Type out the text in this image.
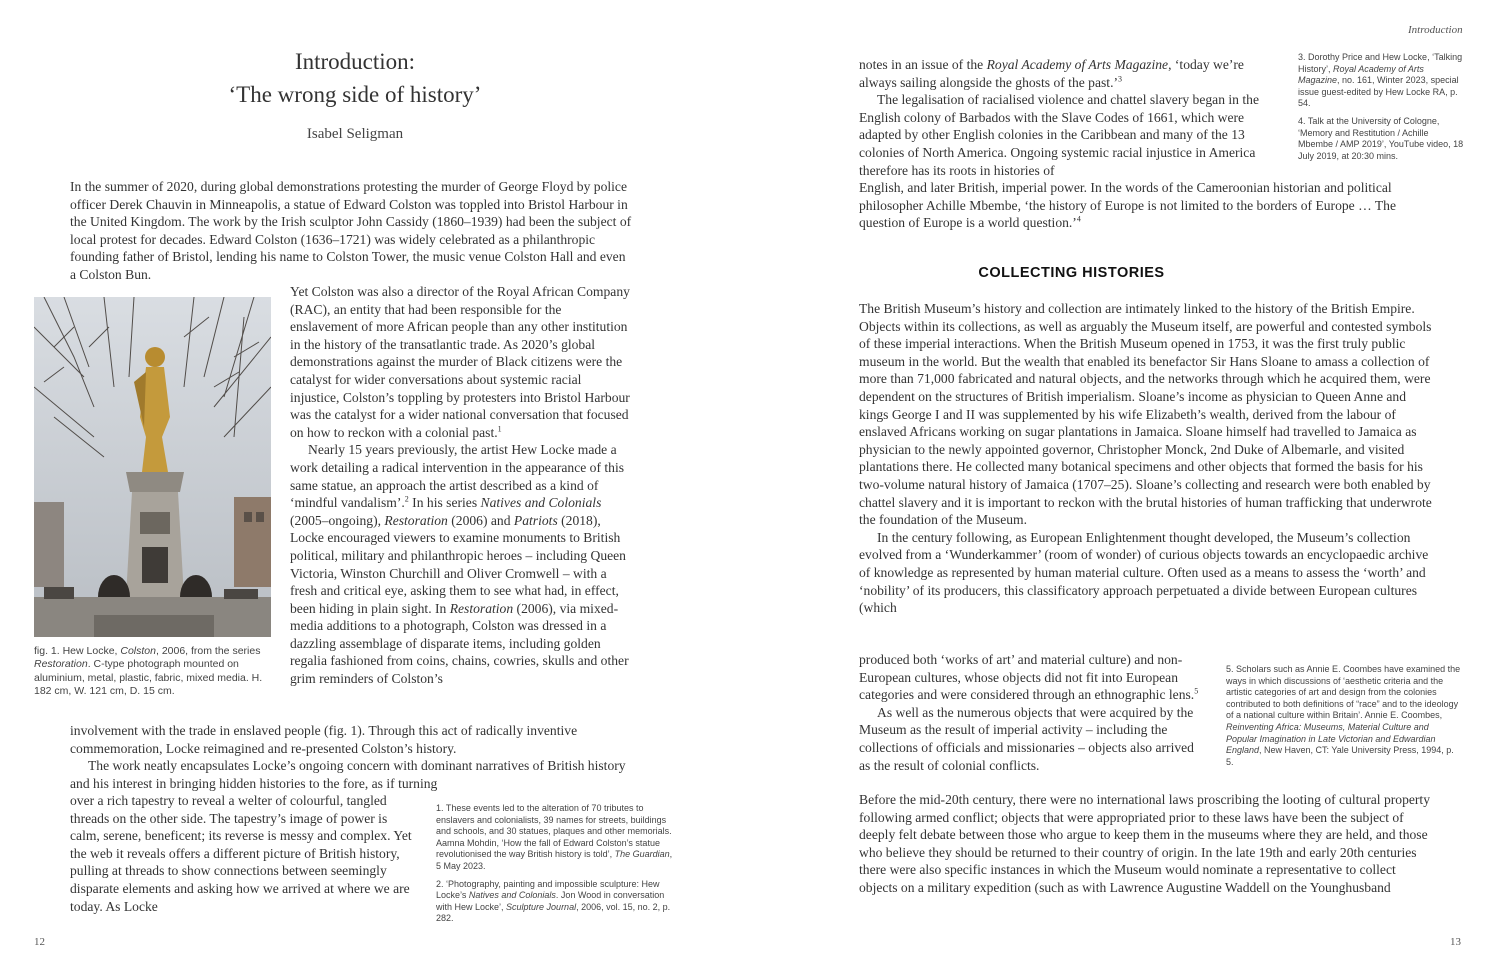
Introduction:
‘The wrong side of history’
Isabel Seligman

In the summer of 2020, during global demonstrations protesting the murder of George Floyd by police officer Derek Chauvin in Minneapolis, a statue of Edward Colston was toppled into Bristol Harbour in the United Kingdom. The work by the Irish sculptor John Cassidy (1860–1939) had been the subject of local protest for decades. Edward Colston (1636–1721) was widely celebrated as a philanthropic founding father of Bristol, lending his name to Colston Tower, the music venue Colston Hall and even a Colston Bun.

Yet Colston was also a director of the Royal African Company (RAC), an entity that had been responsible for the enslavement of more African people than any other institution in the history of the transatlantic trade. As 2020’s global demonstrations against the murder of Black citizens were the catalyst for wider conversations about systemic racial injustice, Colston’s toppling by protesters into Bristol Harbour was the catalyst for a wider national conversation that focused on how to reckon with a colonial past.$^1$

Nearly 15 years previously, the artist Hew Locke made a work detailing a radical intervention in the appearance of this same statue, an approach the artist described as a kind of ‘mindful vandalism’.$^2$ In his series Natives and Colonials (2005–ongoing), Restoration (2006) and Patriots (2018), Locke encouraged viewers to examine monuments to British political, military and philanthropic heroes – including Queen Victoria, Winston Churchill and Oliver Cromwell – with a fresh and critical eye, asking them to see what had, in effect, been hiding in plain sight. In Restoration (2006), via mixed-media additions to a photograph, Colston was dressed in a dazzling assemblage of disparate items, including golden regalia fashioned from coins, chains, cowries, skulls and other grim reminders of Colston’s

fig. 1. Hew Locke, Colston, 2006, from the series Restoration. C-type photograph mounted on aluminium, metal, plastic, fabric, mixed media. H. 182 cm, W. 121 cm, D. 15 cm.

involvement with the trade in enslaved people (fig. 1). Through this act of radically inventive commemoration, Locke reimagined and re-presented Colston’s history.

The work neatly encapsulates Locke’s ongoing concern with dominant narratives of British history and his interest in bringing hidden histories to the fore, as if turning

over a rich tapestry to reveal a welter of colourful, tangled threads on the other side. The tapestry’s image of power is calm, serene, beneficent; its reverse is messy and complex. Yet the web it reveals offers a different picture of British history, pulling at threads to show connections between seemingly disparate elements and asking how we arrived at where we are today. As Locke

1. These events led to the alteration of 70 tributes to enslavers and colonialists, 39 names for streets, buildings and schools, and 30 statues, plaques and other memorials. Aamna Mohdin, ‘How the fall of Edward Colston’s statue revolutionised the way British history is told’, The Guardian, 5 May 2023.

2. ‘Photography, painting and impossible sculpture: Hew Locke’s Natives and Colonials. Jon Wood in conversation with Hew Locke’, Sculpture Journal, 2006, vol. 15, no. 2, p. 282.

12
Introduction

notes in an issue of the Royal Academy of Arts Magazine, ‘today we’re always sailing alongside the ghosts of the past.’$^3$

The legalisation of racialised violence and chattel slavery began in the English colony of Barbados with the Slave Codes of 1661, which were adapted by other English colonies in the Caribbean and many of the 13 colonies of North America. Ongoing systemic racial injustice in America therefore has its roots in histories of

English, and later British, imperial power. In the words of the Cameroonian historian and political philosopher Achille Mbembe, ‘the history of Europe is not limited to the borders of Europe … The question of Europe is a world question.’$^4$

3. Dorothy Price and Hew Locke, ‘Talking History’, Royal Academy of Arts Magazine, no. 161, Winter 2023, special issue guest-edited by Hew Locke RA, p. 54.

4. Talk at the University of Cologne, ‘Memory and Restitution / Achille Mbembe / AMP 2019’, YouTube video, 18 July 2019, at 20:30 mins.

COLLECTING HISTORIES

The British Museum’s history and collection are intimately linked to the history of the British Empire. Objects within its collections, as well as arguably the Museum itself, are powerful and contested symbols of these imperial interactions. When the British Museum opened in 1753, it was the first truly public museum in the world. But the wealth that enabled its benefactor Sir Hans Sloane to amass a collection of more than 71,000 fabricated and natural objects, and the networks through which he acquired them, were dependent on the structures of British imperialism. Sloane’s income as physician to Queen Anne and kings George I and II was supplemented by his wife Elizabeth’s wealth, derived from the labour of enslaved Africans working on sugar plantations in Jamaica. Sloane himself had travelled to Jamaica as physician to the newly appointed governor, Christopher Monck, 2nd Duke of Albemarle, and visited plantations there. He collected many botanical specimens and other objects that formed the basis for his two-volume natural history of Jamaica (1707–25). Sloane’s collecting and research were both enabled by chattel slavery and it is important to reckon with the brutal histories of human trafficking that underwrote the foundation of the Museum.

In the century following, as European Enlightenment thought developed, the Museum’s collection evolved from a ‘Wunderkammer’ (room of wonder) of curious objects towards an encyclopaedic archive of knowledge as represented by human material culture. Often used as a means to assess the ‘worth’ and ‘nobility’ of its producers, this classificatory approach perpetuated a divide between European cultures (which

produced both ‘works of art’ and material culture) and non-European cultures, whose objects did not fit into European categories and were considered through an ethnographic lens.$^5$

As well as the numerous objects that were acquired by the Museum as the result of imperial activity – including the collections of officials and missionaries – objects also arrived as the result of colonial conflicts.

Before the mid-20th century, there were no international laws proscribing the looting of cultural property following armed conflict; objects that were appropriated prior to these laws have been the subject of deeply felt debate between those who argue to keep them in the museums where they are held, and those who believe they should be returned to their country of origin. In the late 19th and early 20th centuries there were also specific instances in which the Museum would nominate a representative to collect objects on a military expedition (such as with Lawrence Augustine Waddell on the Younghusband

5. Scholars such as Annie E. Coombes have examined the ways in which discussions of ‘aesthetic criteria and the artistic categories of art and design from the colonies contributed to both definitions of “race” and to the ideology of a national culture within Britain’. Annie E. Coombes, Reinventing Africa: Museums, Material Culture and Popular Imagination in Late Victorian and Edwardian England, New Haven, CT: Yale University Press, 1994, p. 5.

13
